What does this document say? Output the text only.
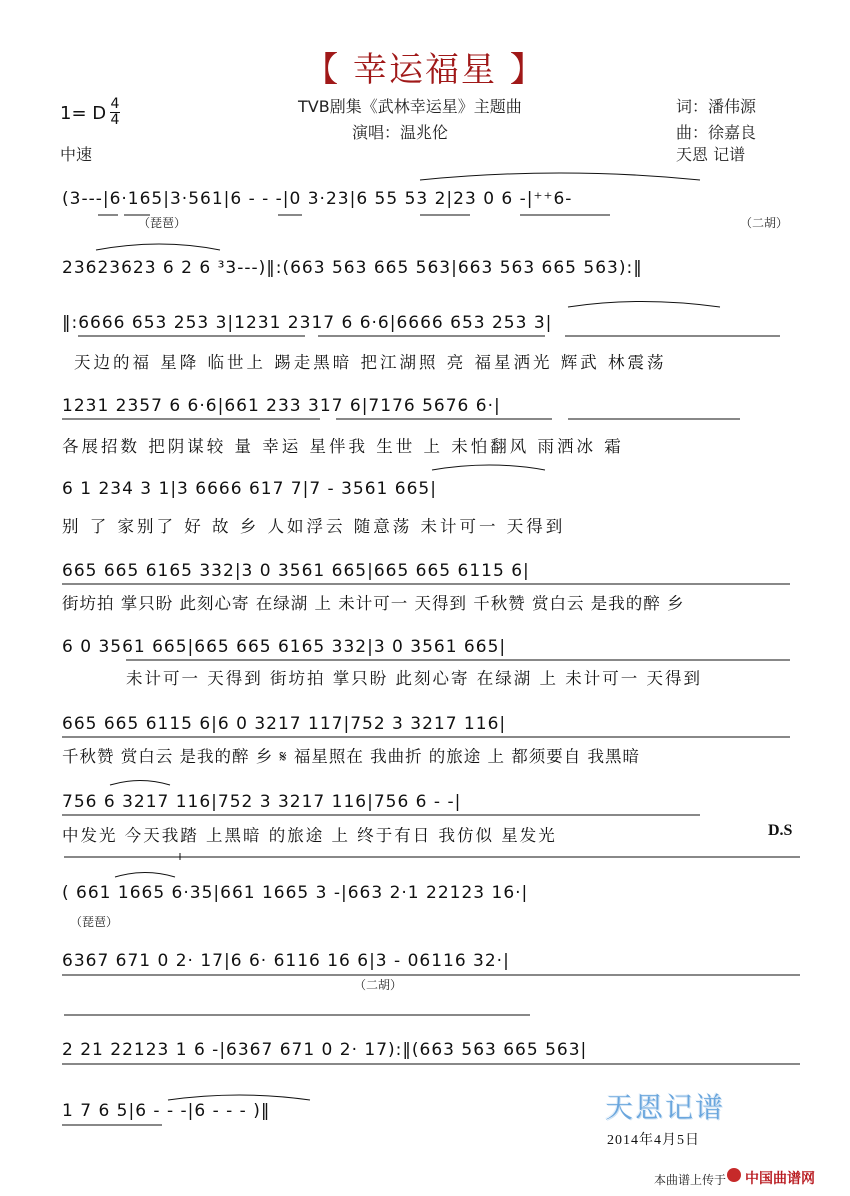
【 幸运福星 】
TVB剧集《武林幸运星》主题曲
演唱：温兆伦
1= D 4
4
中速
词：潘伟源
曲：徐嘉良
天恩 记谱
(3---|6·165|3·561|6 - - -|0 3·23|6 55 53 2|23 0 6 -|⁺⁺6-
（琵琶）	（二胡）
23623623 6 2 6 ³3---)‖:(663 563 665 563|663 563 665 563):‖
‖:6666 653 253 3|1231 2317 6 6·6|6666 653 253 3|
天边的福 星降 临世上 踢走黑暗 把江湖照 亮 福星洒光 辉武 林震荡
1231 2357 6 6·6|661 233 317 6|7176 5676 6·|
各展招数 把阴谋较 量 幸运 星伴我 生世 上 未怕翻风 雨洒冰 霜
6 1 234 3 1|3 6666 617 7|7 - 3561 665|
别 了 家别了 好 故 乡 人如浮云 随意荡 未计可一 天得到
665 665 6165 332|3 0 3561 665|665 665 6115 6|
街坊拍 掌只盼 此刻心寄 在绿湖 上 未计可一 天得到 千秋赞 赏白云 是我的醉 乡
6 0 3561 665|665 665 6165 332|3 0 3561 665|
未计可一 天得到 街坊拍 掌只盼 此刻心寄 在绿湖 上 未计可一 天得到
665 665 6115 6|6 0 3217 117|752 3 3217 116|
千秋赞 赏白云 是我的醉 乡 𝄋 福星照在 我曲折 的旅途 上 都须要自 我黑暗
756 6 3217 116|752 3 3217 116|756 6 - -|
中发光 今天我踏 上黑暗 的旅途 上 终于有日 我仿似 星发光	D.S
( 661 1665 6·35|661 1665 3 -|663 2·1 22123 16·|
（琵琶）
6367 671 0 2· 17|6 6· 6116 16 6|3 - 06116 32·|
（二胡）
2 21 22123 1 6 -|6367 671 0 2· 17):‖(663 563 665 563|
1 7 6 5|6 - - -|6 - - - )‖	天恩记谱
2014年4月5日
本曲谱上传于 中国曲谱网
